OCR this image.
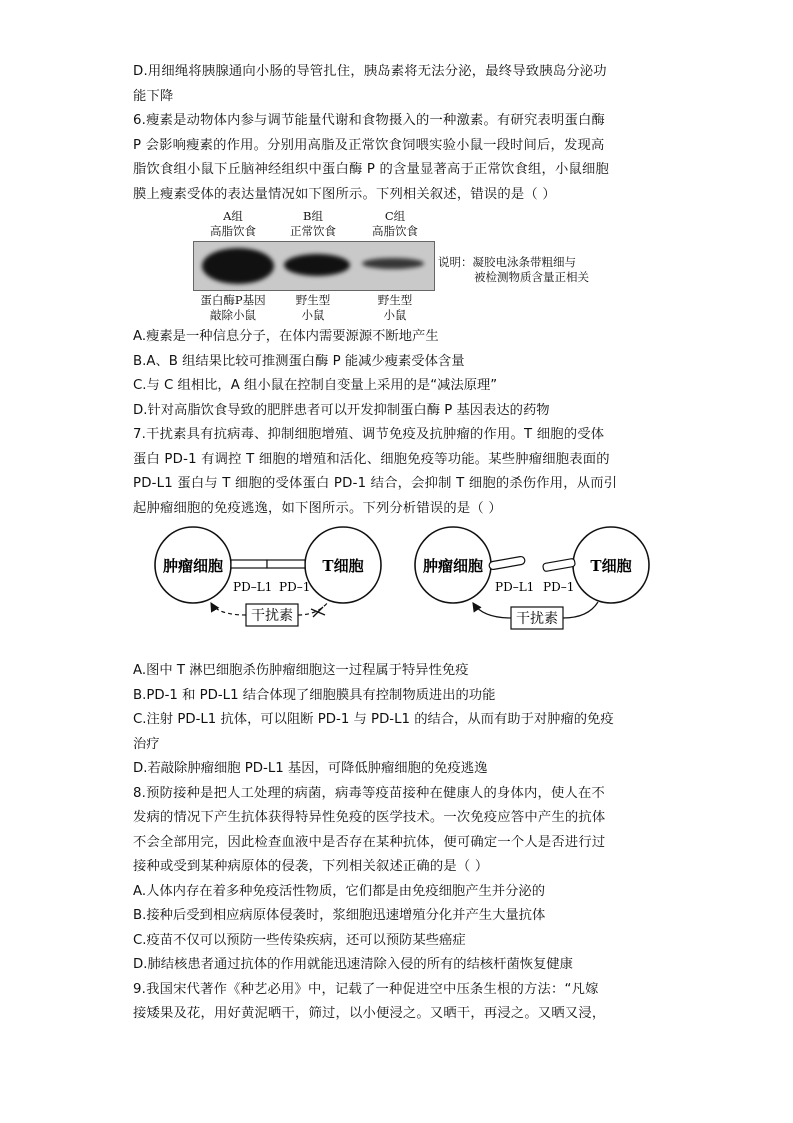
D.用细绳将胰腺通向小肠的导管扎住，胰岛素将无法分泌，最终导致胰岛分泌功
能下降
6.瘦素是动物体内参与调节能量代谢和食物摄入的一种激素。有研究表明蛋白酶
P 会影响瘦素的作用。分别用高脂及正常饮食饲喂实验小鼠一段时间后，发现高
脂饮食组小鼠下丘脑神经组织中蛋白酶 P 的含量显著高于正常饮食组，小鼠细胞
膜上瘦素受体的表达量情况如下图所示。下列相关叙述，错误的是（ ）
A组
高脂饮食
B组
正常饮食
C组
高脂饮食
说明：凝胶电泳条带粗细与
被检测物质含量正相关
蛋白酶P基因
敲除小鼠
野生型
小鼠
野生型
小鼠
A.瘦素是一种信息分子，在体内需要源源不断地产生
B.A、B 组结果比较可推测蛋白酶 P 能减少瘦素受体含量
C.与 C 组相比，A 组小鼠在控制自变量上采用的是“减法原理”
D.针对高脂饮食导致的肥胖患者可以开发抑制蛋白酶 P 基因表达的药物
7.干扰素具有抗病毒、抑制细胞增殖、调节免疫及抗肿瘤的作用。T 细胞的受体
蛋白 PD-1 有调控 T 细胞的增殖和活化、细胞免疫等功能。某些肿瘤细胞表面的
PD-L1 蛋白与 T 细胞的受体蛋白 PD-1 结合，会抑制 T 细胞的杀伤作用，从而引
起肿瘤细胞的免疫逃逸，如下图所示。下列分析错误的是（ ）
肿瘤细胞	T细胞
PD–L1 PD–1
干扰素
肿瘤细胞	T细胞
PD–L1 PD–1
干扰素
A.图中 T 淋巴细胞杀伤肿瘤细胞这一过程属于特异性免疫
B.PD-1 和 PD-L1 结合体现了细胞膜具有控制物质进出的功能
C.注射 PD-L1 抗体，可以阻断 PD-1 与 PD-L1 的结合，从而有助于对肿瘤的免疫
治疗
D.若敲除肿瘤细胞 PD-L1 基因，可降低肿瘤细胞的免疫逃逸
8.预防接种是把人工处理的病菌，病毒等疫苗接种在健康人的身体内，使人在不
发病的情况下产生抗体获得特异性免疫的医学技术。一次免疫应答中产生的抗体
不会全部用完，因此检查血液中是否存在某种抗体，便可确定一个人是否进行过
接种或受到某种病原体的侵袭，下列相关叙述正确的是（ ）
A.人体内存在着多种免疫活性物质，它们都是由免疫细胞产生并分泌的
B.接种后受到相应病原体侵袭时，浆细胞迅速增殖分化并产生大量抗体
C.疫苗不仅可以预防一些传染疾病，还可以预防某些癌症
D.肺结核患者通过抗体的作用就能迅速清除入侵的所有的结核杆菌恢复健康
9.我国宋代著作《种艺必用》中，记载了一种促进空中压条生根的方法：“凡嫁
接矮果及花，用好黄泥晒干，筛过，以小便浸之。又晒干，再浸之。又晒又浸，
